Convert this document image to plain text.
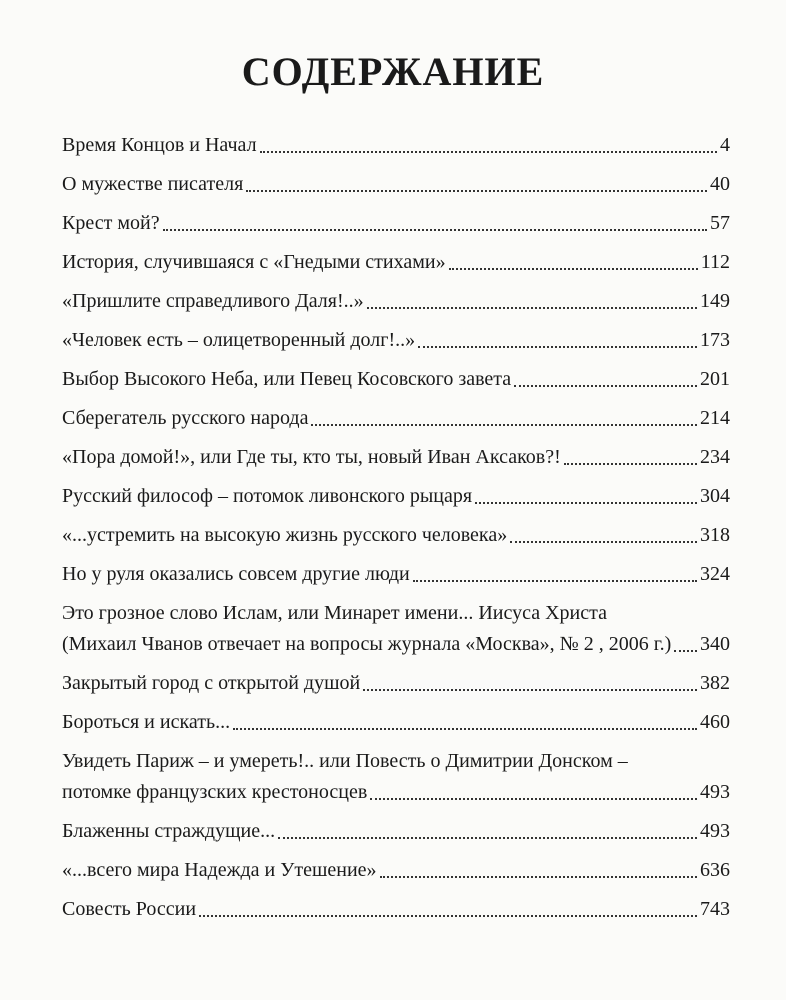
СОДЕРЖАНИЕ
Время Концов и Начал	4
О мужестве писателя	40
Крест мой?	57
История, случившаяся с «Гнедыми стихами»	112
«Пришлите справедливого Даля!..»	149
«Человек есть – олицетворенный долг!..»	173
Выбор Высокого Неба, или Певец Косовского завета	201
Сберегатель русского народа	214
«Пора домой!», или Где ты, кто ты, новый Иван Аксаков?!	234
Русский философ – потомок ливонского рыцаря	304
«...устремить на высокую жизнь русского человека»	318
Но у руля оказались совсем другие люди	324
Это грозное слово Ислам, или Минарет имени... Иисуса Христа
(Михаил Чванов отвечает на вопросы журнала «Москва», № 2 , 2006 г.) 340
Закрытый город с открытой душой	382
Бороться и искать...	460
Увидеть Париж – и умереть!.. или Повесть о Димитрии Донском –
потомке французских крестоносцев	493
Блаженны страждущие...	493
«...всего мира Надежда и Утешение»	636
Совесть России	743
